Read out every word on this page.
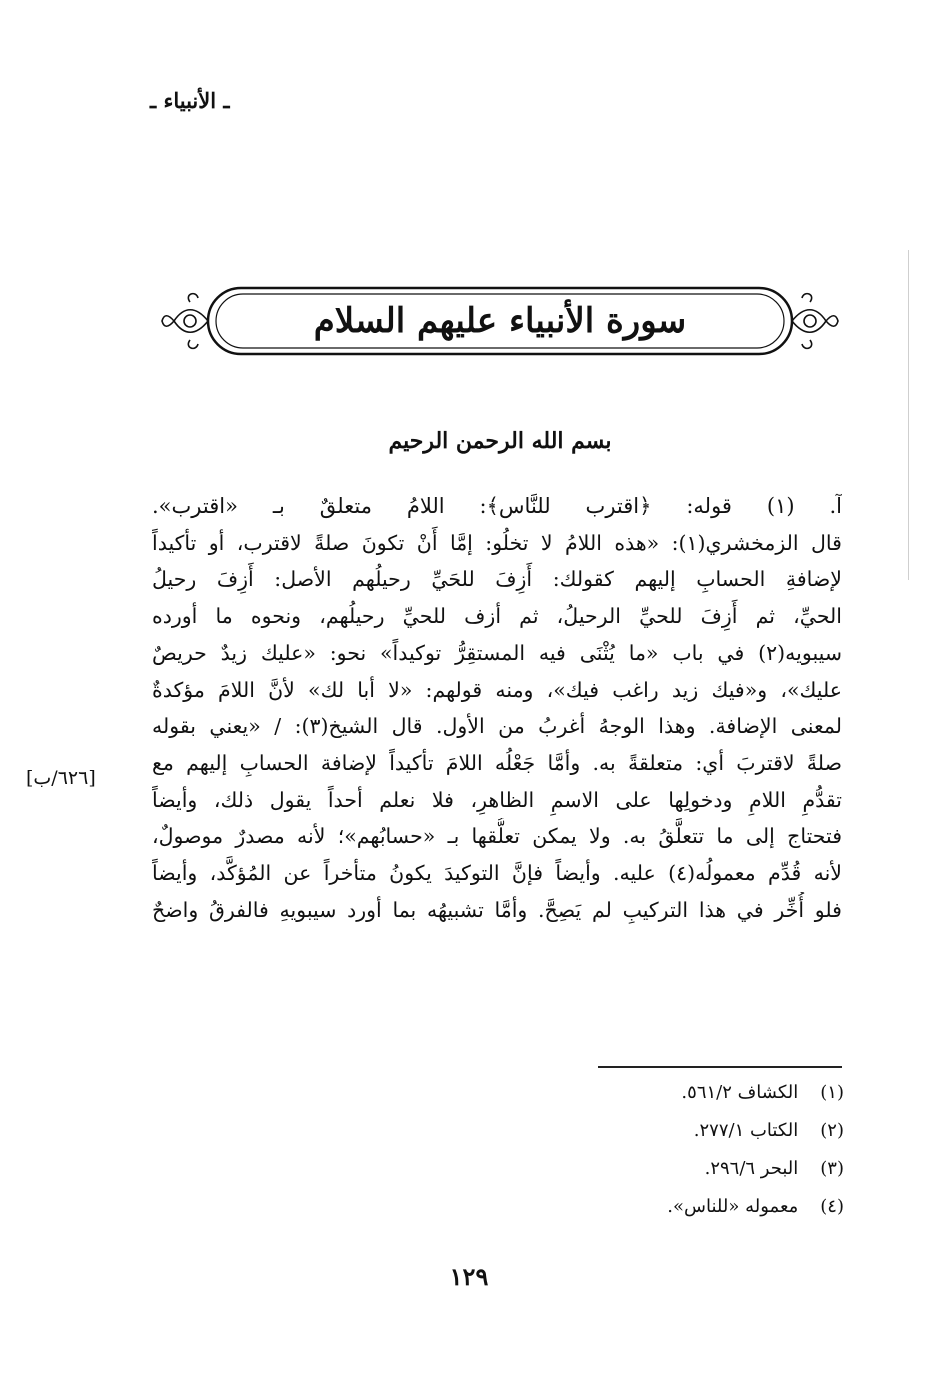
ـ الأنبياء ـ
سورة الأنبياء عليهم السلام
بسم الله الرحمن الرحيم

آ. (١) قوله: ﴿اقترب للنَّاس﴾: اللامُ متعلقٌ بـ «اقترب».

قال الزمخشري(١): «هذه اللامُ لا تخلُو: إمَّا أَنْ تكونَ صلةً لاقترب، أو تأكيداً

لإضافةِ الحسابِ إليهم كقولك: أَزِفَ للحَيِّ رحيلُهم الأصل: أَزِفَ رحيلُ

الحيِّ، ثم أَزِفَ للحيِّ الرحيلُ، ثم أزف للحيِّ رحيلُهم، ونحوه ما أورده

سيبويه(٢) في باب «ما يُثْنَى فيه المستقِرُّ توكيداً» نحو: «عليك زيدٌ حريصٌ

عليك»، و«فيك زيد راغب فيك»، ومنه قولهم: «لا أبا لك» لأنَّ اللامَ مؤكدةٌ

لمعنى الإضافة. وهذا الوجهُ أغربُ من الأول. قال الشيخ(٣): / «يعني بقوله

صلةً لاقتربَ أي: متعلقةً به. وأمَّا جَعْلُه اللامَ تأكيداً لإضافة الحسابِ إليهم مع

تقدُّمِ اللامِ ودخولِها على الاسمِ الظاهرِ، فلا نعلم أحداً يقول ذلك، وأيضاً

فتحتاج إلى ما تتعلَّقُ به. ولا يمكن تعلُّقها بـ «حسابُهم»؛ لأنه مصدرٌ موصولٌ،

لأنه قُدِّم معمولُه(٤) عليه. وأيضاً فإنَّ التوكيدَ يكونُ متأخراً عن المُؤكَّد، وأيضاً

فلو أُخِّر في هذا التركيبِ لم يَصِحَّ. وأمَّا تشبيهُه بما أورد سيبويهِ فالفرقُ واضحٌ

[٦٢٦/ب]
(١) الكشاف ٥٦١/٢.
(٢) الكتاب ٢٧٧/١.
(٣) البحر ٢٩٦/٦.
(٤) معموله «للناس».
١٢٩
